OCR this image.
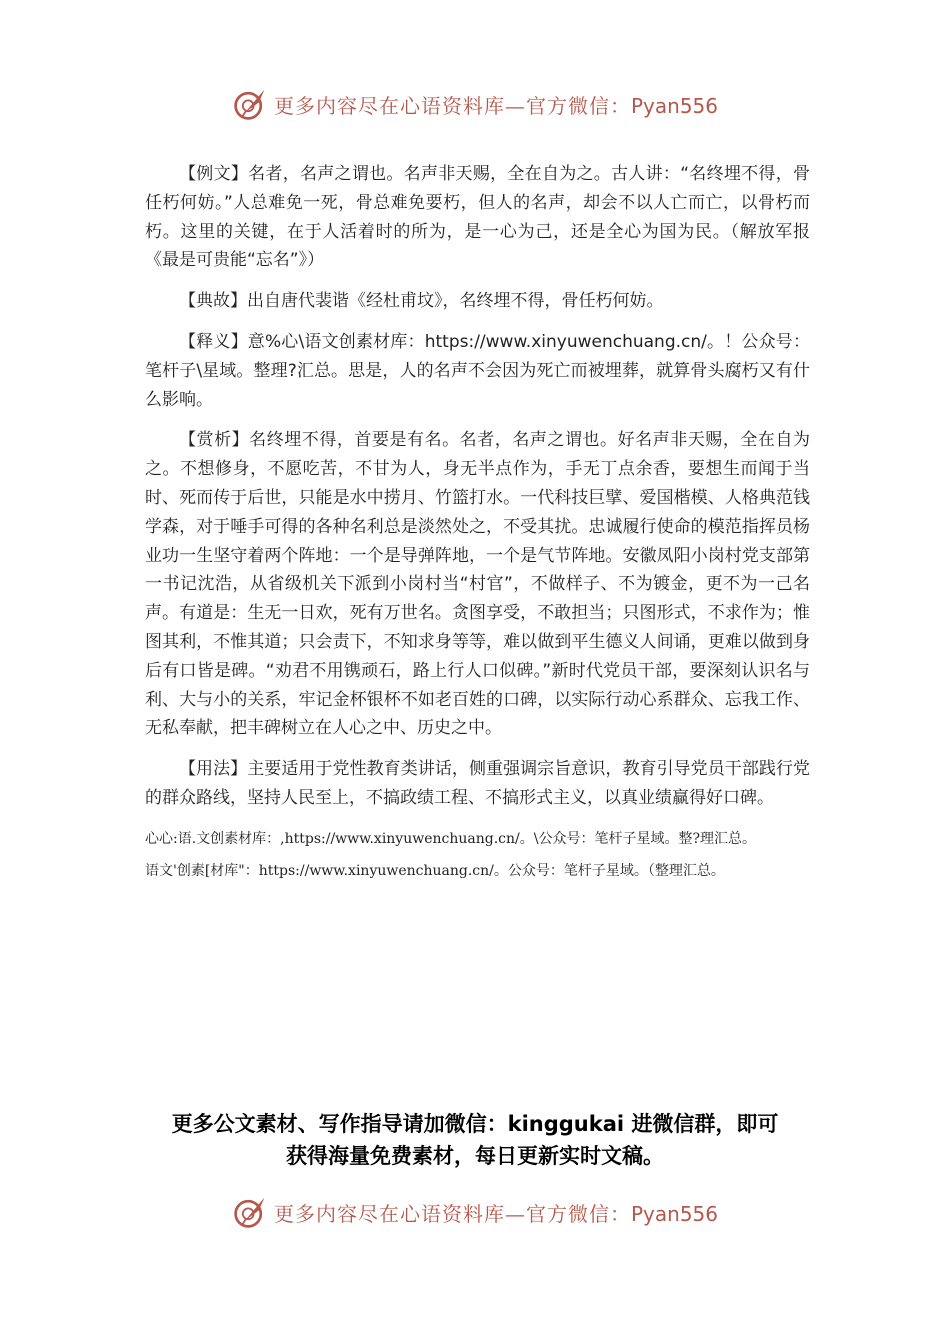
更多内容尽在心语资料库—官方微信：Pyan556

【例文】名者，名声之谓也。名声非天赐，全在自为之。古人讲：“名终埋不得，骨任朽何妨。”人总难免一死，骨总难免要朽，但人的名声，却会不以人亡而亡，以骨朽而朽。这里的关键，在于人活着时的所为，是一心为己，还是全心为国为民。（解放军报《最是可贵能“忘名”》）

【典故】出自唐代裴谐《经杜甫坟》，名终埋不得，骨任朽何妨。

【释义】意%心\语文创素材库：https://www.xinyuwenchuang.cn/。！公众号：笔杆子\星域。整理?汇总。思是，人的名声不会因为死亡而被埋葬，就算骨头腐朽又有什么影响。

【赏析】名终埋不得，首要是有名。名者，名声之谓也。好名声非天赐，全在自为之。不想修身，不愿吃苦，不甘为人，身无半点作为，手无丁点余香，要想生而闻于当时、死而传于后世，只能是水中捞月、竹篮打水。一代科技巨擘、爱国楷模、人格典范钱学森，对于唾手可得的各种名利总是淡然处之，不受其扰。忠诚履行使命的模范指挥员杨业功一生坚守着两个阵地：一个是导弹阵地，一个是气节阵地。安徽凤阳小岗村党支部第一书记沈浩，从省级机关下派到小岗村当“村官”，不做样子、不为镀金，更不为一己名声。有道是：生无一日欢，死有万世名。贪图享受，不敢担当；只图形式，不求作为；惟图其利，不惟其道；只会责下，不知求身等等，难以做到平生德义人间诵，更难以做到身后有口皆是碑。“劝君不用镌顽石，路上行人口似碑。”新时代党员干部，要深刻认识名与利、大与小的关系，牢记金杯银杯不如老百姓的口碑，以实际行动心系群众、忘我工作、无私奉献，把丰碑树立在人心之中、历史之中。

【用法】主要适用于党性教育类讲话，侧重强调宗旨意识，教育引导党员干部践行党的群众路线，坚持人民至上，不搞政绩工程、不搞形式主义，以真业绩赢得好口碑。

心心:语.文创素材库：,https://www.xinyuwenchuang.cn/。\公众号：笔杆子星域。整?理汇总。
语文'创素[材库"：https://www.xinyuwenchuang.cn/。公众号：笔杆子星域。（整理汇总。
更多公文素材、写作指导请加微信：kinggukai 进微信群，即可
获得海量免费素材，每日更新实时文稿。
更多内容尽在心语资料库—官方微信：Pyan556
